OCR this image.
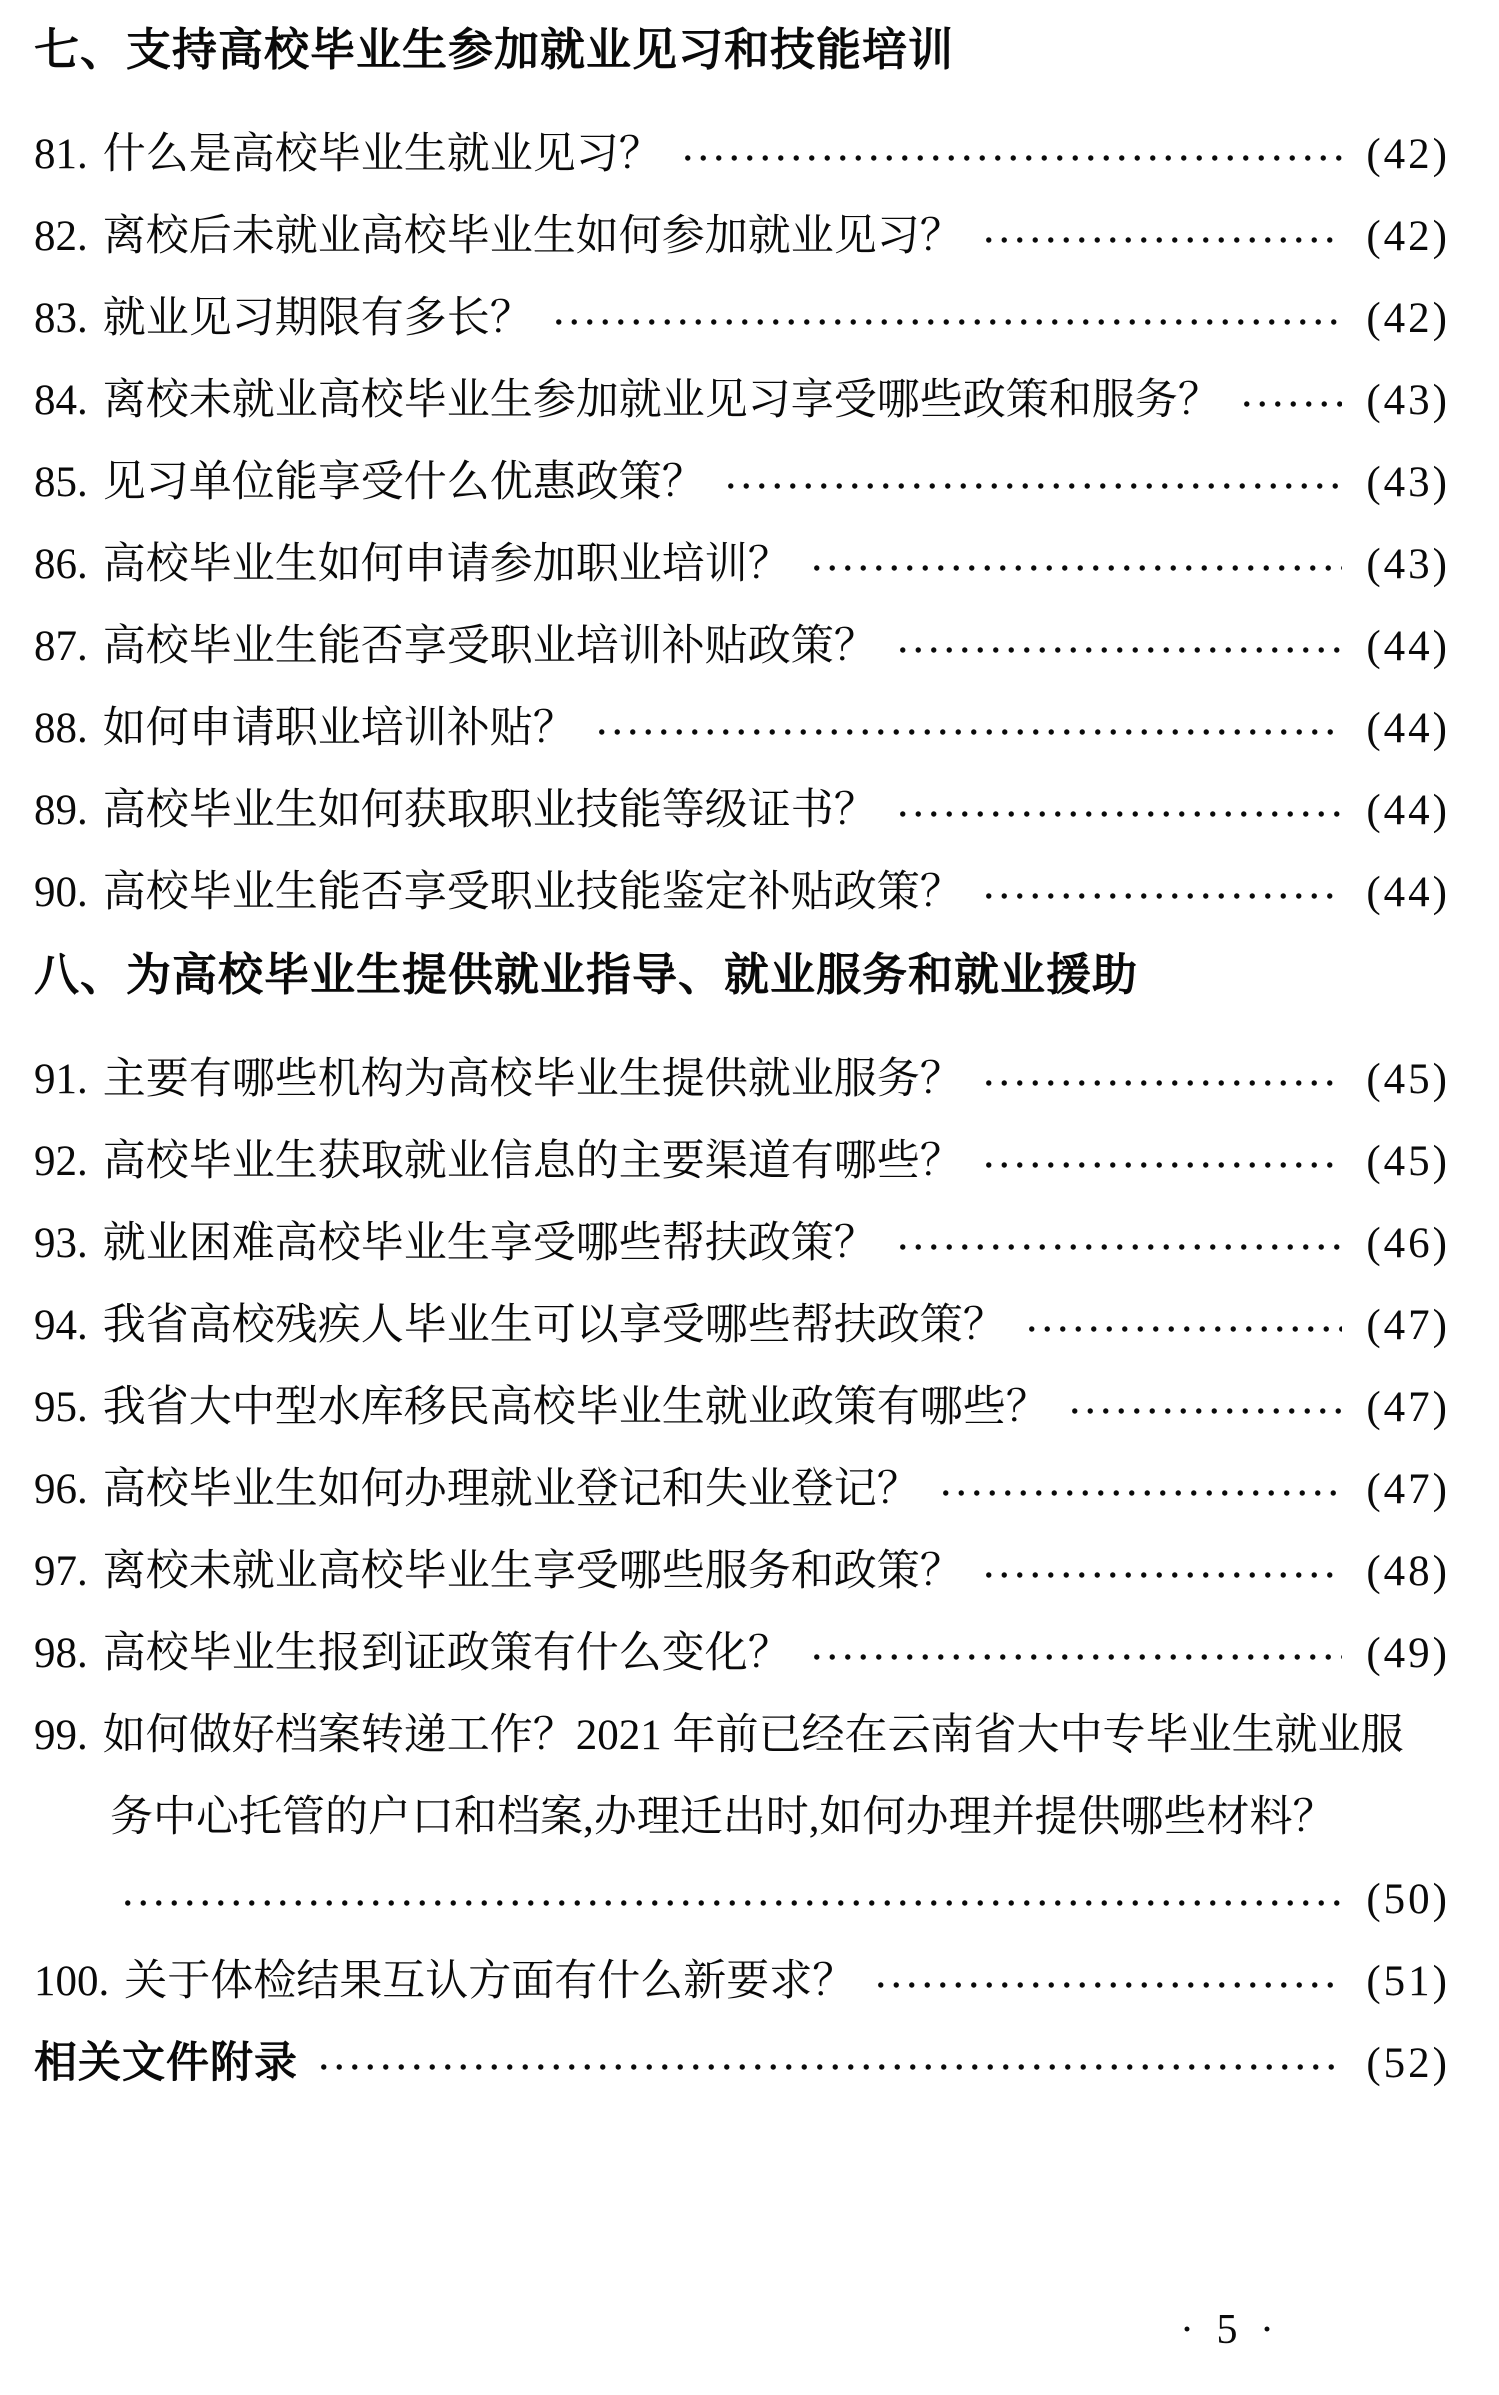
七、支持高校毕业生参加就业见习和技能培训
81. 什么是高校毕业生就业见习？	(42)
82. 离校后未就业高校毕业生如何参加就业见习？	(42)
83. 就业见习期限有多长？	(42)
84. 离校未就业高校毕业生参加就业见习享受哪些政策和服务？	(43)
85. 见习单位能享受什么优惠政策？	(43)
86. 高校毕业生如何申请参加职业培训？	(43)
87. 高校毕业生能否享受职业培训补贴政策？	(44)
88. 如何申请职业培训补贴？	(44)
89. 高校毕业生如何获取职业技能等级证书？	(44)
90. 高校毕业生能否享受职业技能鉴定补贴政策？	(44)
八、为高校毕业生提供就业指导、就业服务和就业援助
91. 主要有哪些机构为高校毕业生提供就业服务？	(45)
92. 高校毕业生获取就业信息的主要渠道有哪些？	(45)
93. 就业困难高校毕业生享受哪些帮扶政策？	(46)
94. 我省高校残疾人毕业生可以享受哪些帮扶政策？	(47)
95. 我省大中型水库移民高校毕业生就业政策有哪些？	(47)
96. 高校毕业生如何办理就业登记和失业登记？	(47)
97. 离校未就业高校毕业生享受哪些服务和政策？	(48)
98. 高校毕业生报到证政策有什么变化？	(49)
99. 如何做好档案转递工作？2021 年前已经在云南省大中专毕业生就业服
务中心托管的户口和档案,办理迁出时,如何办理并提供哪些材料？
(50)
100. 关于体检结果互认方面有什么新要求？	(51)
相关文件附录	(52)
· 5 ·
